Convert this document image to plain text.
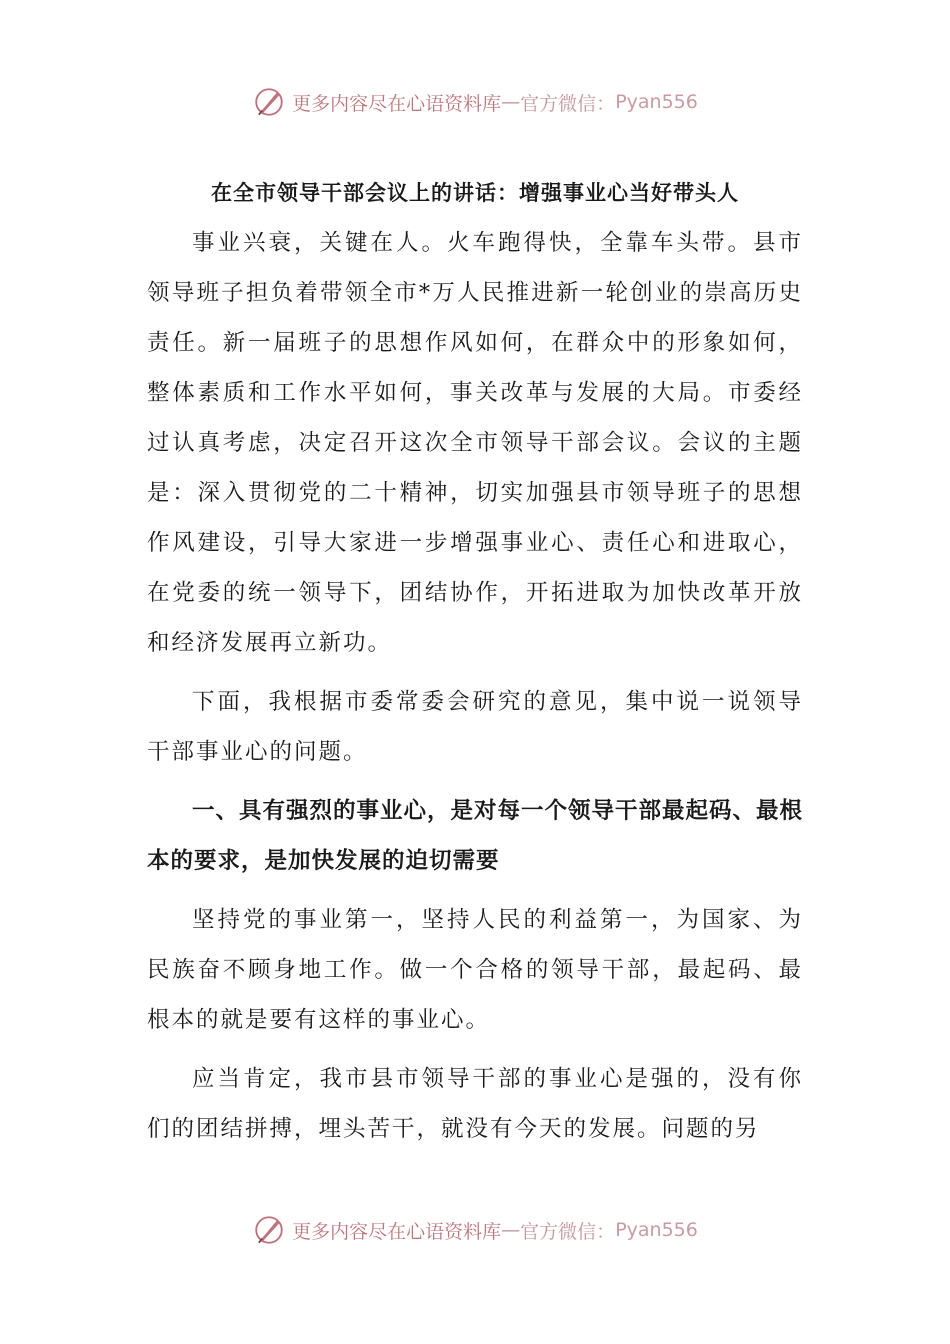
更多内容尽在心语资料库 — 官方微信： Pyan556
在全市领导干部会议上的讲话：增强事业心当好带头人

事业兴衰，关键在人。火车跑得快，全靠车头带。县市领导班子担负着带领全市*万人民推进新一轮创业的崇高历史责任。新一届班子的思想作风如何，在群众中的形象如何，整体素质和工作水平如何，事关改革与发展的大局。市委经过认真考虑，决定召开这次全市领导干部会议。会议的主题是：深入贯彻党的二十精神，切实加强县市领导班子的思想作风建设，引导大家进一步增强事业心、责任心和进取心，在党委的统一领导下，团结协作，开拓进取为加快改革开放和经济发展再立新功。

下面，我根据市委常委会研究的意见，集中说一说领导干部事业心的问题。

一、具有强烈的事业心，是对每一个领导干部最起码、最根本的要求，是加快发展的迫切需要

坚持党的事业第一，坚持人民的利益第一，为国家、为民族奋不顾身地工作。做一个合格的领导干部，最起码、最根本的就是要有这样的事业心。

应当肯定，我市县市领导干部的事业心是强的，没有你们的团结拼搏，埋头苦干，就没有今天的发展。问题的另

更多内容尽在心语资料库 — 官方微信： Pyan556
